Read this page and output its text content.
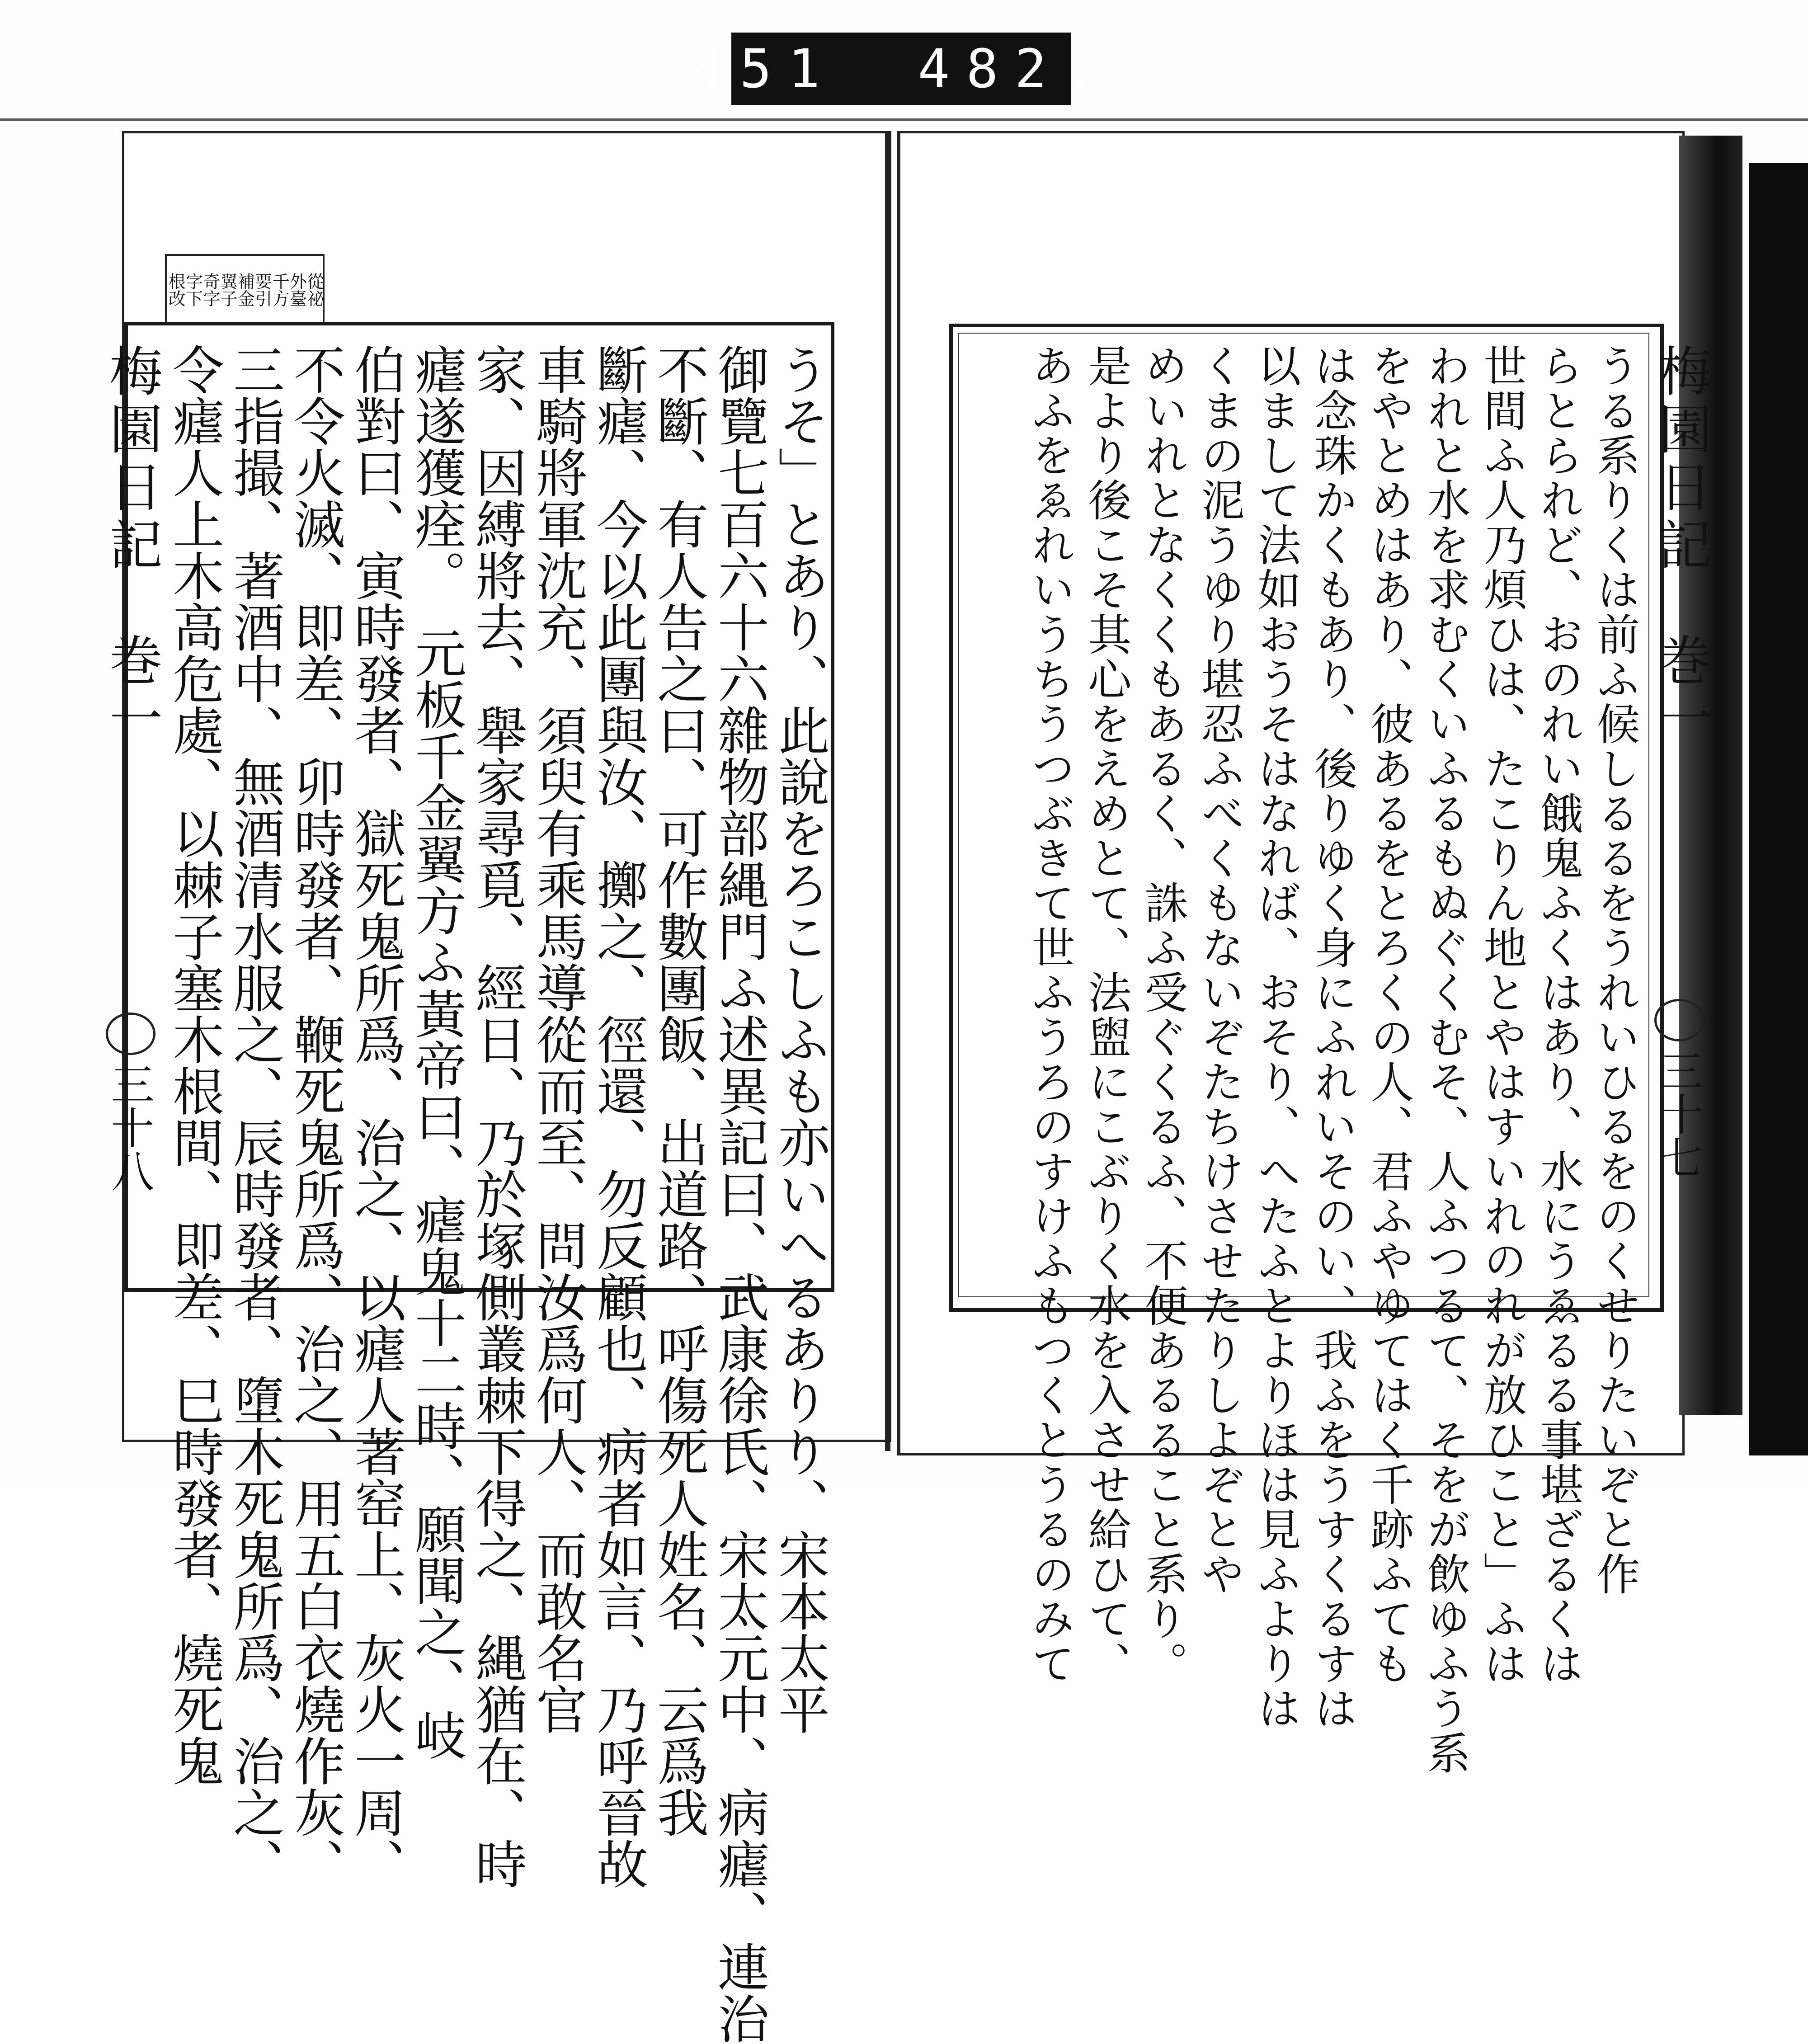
451 482.
從祕
外臺
千方
要引
補金
翼子
奇字
字下
根改
うそ」とあり、此說をろこしふも亦いへるありり、宋本太平
御覽七百六十六雜物部縄門ふ述異記曰、武康徐氏、宋太元中、病瘧、連治
不斷、有人告之曰、可作數團飯、出道路、呼傷死人姓名、云爲我
斷瘧、今以此團與汝、擲之、徑還、勿反顧也、病者如言、乃呼晉故
車騎將軍沈充、須臾有乘馬導從而至、問汝爲何人、而敢名官
家、因縛將去、舉家尋覓、經日、乃於塚側叢棘下得之、縄猶在、時
瘧遂獲痊。　元板千金翼方ふ黃帝曰、瘧鬼十二時、願聞之、岐
伯對曰、寅時發者、獄死鬼所爲、治之、以瘧人著窑上、灰火一周、
不令火滅、即差、卯時發者、鞭死鬼所爲、治之、用五白衣燒作灰、
三指撮、著酒中、無酒清水服之、辰時發者、墮木死鬼所爲、治之、
令瘧人上木高危處、以棘子塞木根間、即差、巳時發者、燒死鬼
梅園日記　巻一
三十八	うる系りくは前ふ候しるるをうれいひるをのくせりたいぞと作
らとられど、おのれい餓鬼ふくはあり、水にうゑるる事堪ざるくは
世間ふ人乃煩ひは、たこりん地とやはすいれのれが放ひこと」ふは
われと水を求むくいふるもぬぐくむそ、人ふつるて、そをが飲ゆふう系
をやとめはあり、彼あるをとろくの人、君ふやゆてはく千跡ふても
は念珠かくもあり、後りゆく身にふれいそのい、我ふをうすくるすは
以まして法如おうそはなれば、おそり、へたふとよりほは見ふよりは
くまの泥うゆり堪忍ふべくもないぞたちけさせたりしよぞとや
めいれとなくくもあるく、誅ふ受ぐくるふ、不便あるること系り。
是より後こそ其心をえめとて、法盥にこぶりく水を入させ給ひて、
あふをゑれいうちうつぶきて世ふうろのすけふもつくとうるのみて	梅園日記　巻一
三十七
